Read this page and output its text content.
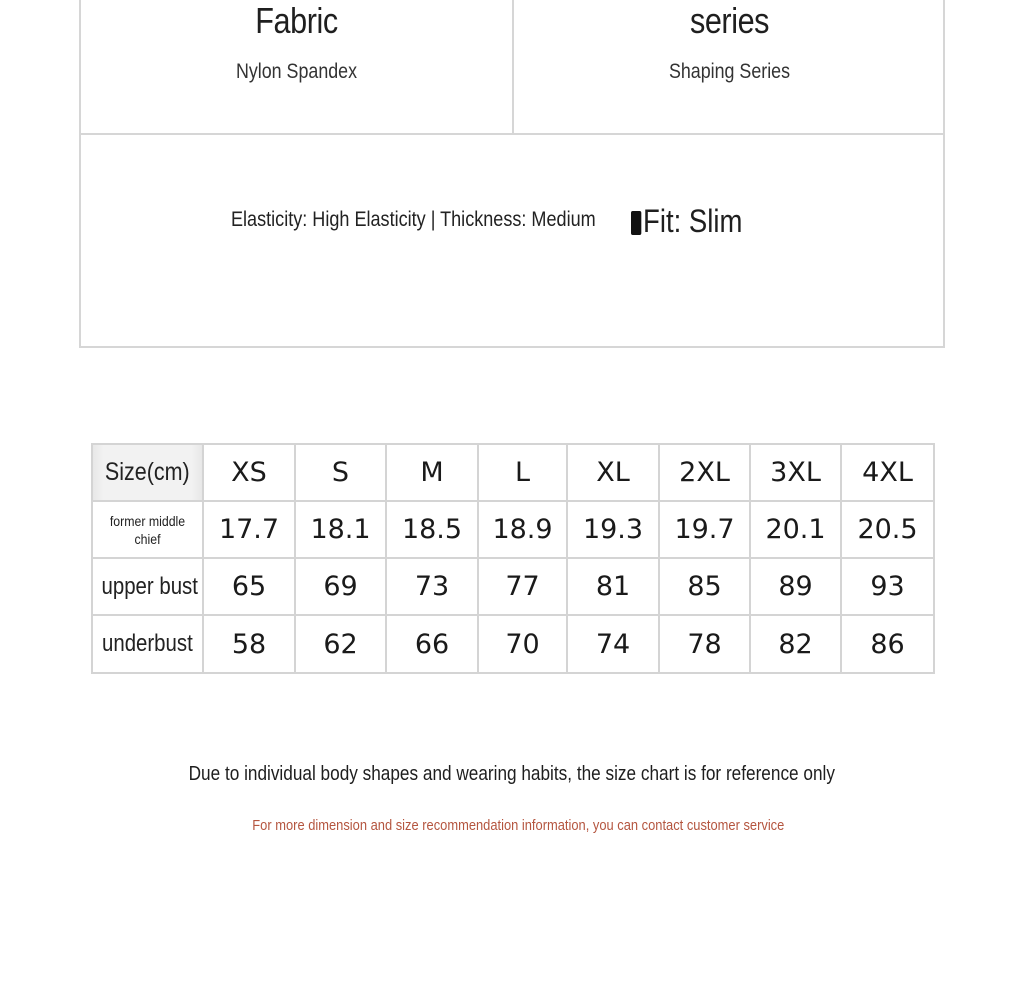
Fabric
Nylon Spandex
series
Shaping Series
Elasticity: High Elasticity | Thickness: Medium	Fit: Slim
Size(cm)	XS	S	M	L	XL	2XL	3XL	4XL
former middle chief	17.7	18.1	18.5	18.9	19.3	19.7	20.1	20.5
upper bust	65	69	73	77	81	85	89	93
underbust	58	62	66	70	74	78	82	86
Due to individual body shapes and wearing habits, the size chart is for reference only
For more dimension and size recommendation information, you can contact customer service
